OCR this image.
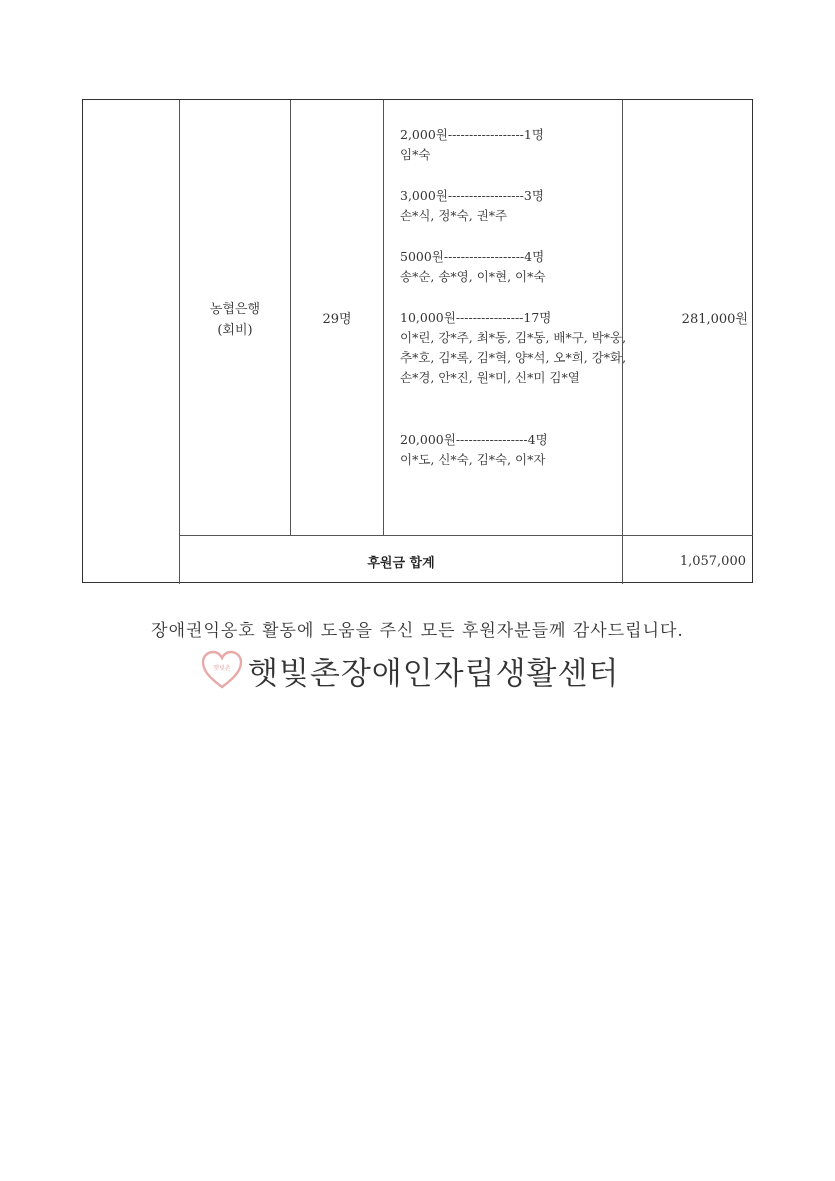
농협은행
(회비)
29명	281,000원
후원금 합계	1,057,000
2,000원------------------1명
임*숙
3,000원------------------3명
손*식, 정*숙, 권*주
5000원-------------------4명
송*순, 송*영, 이*현, 이*숙
10,000원----------------17명
이*린, 강*주, 최*동, 김*동, 배*구, 박*웅, 추*호, 김*록, 김*혁, 양*석, 오*희, 강*화, 손*경, 안*진, 원*미, 신*미 김*열
20,000원-----------------4명
이*도, 신*숙, 김*숙, 이*자
장애권익옹호 활동에 도움을 주신 모든 후원자분들께 감사드립니다.
햇빛촌 햇빛촌장애인자립생활센터
